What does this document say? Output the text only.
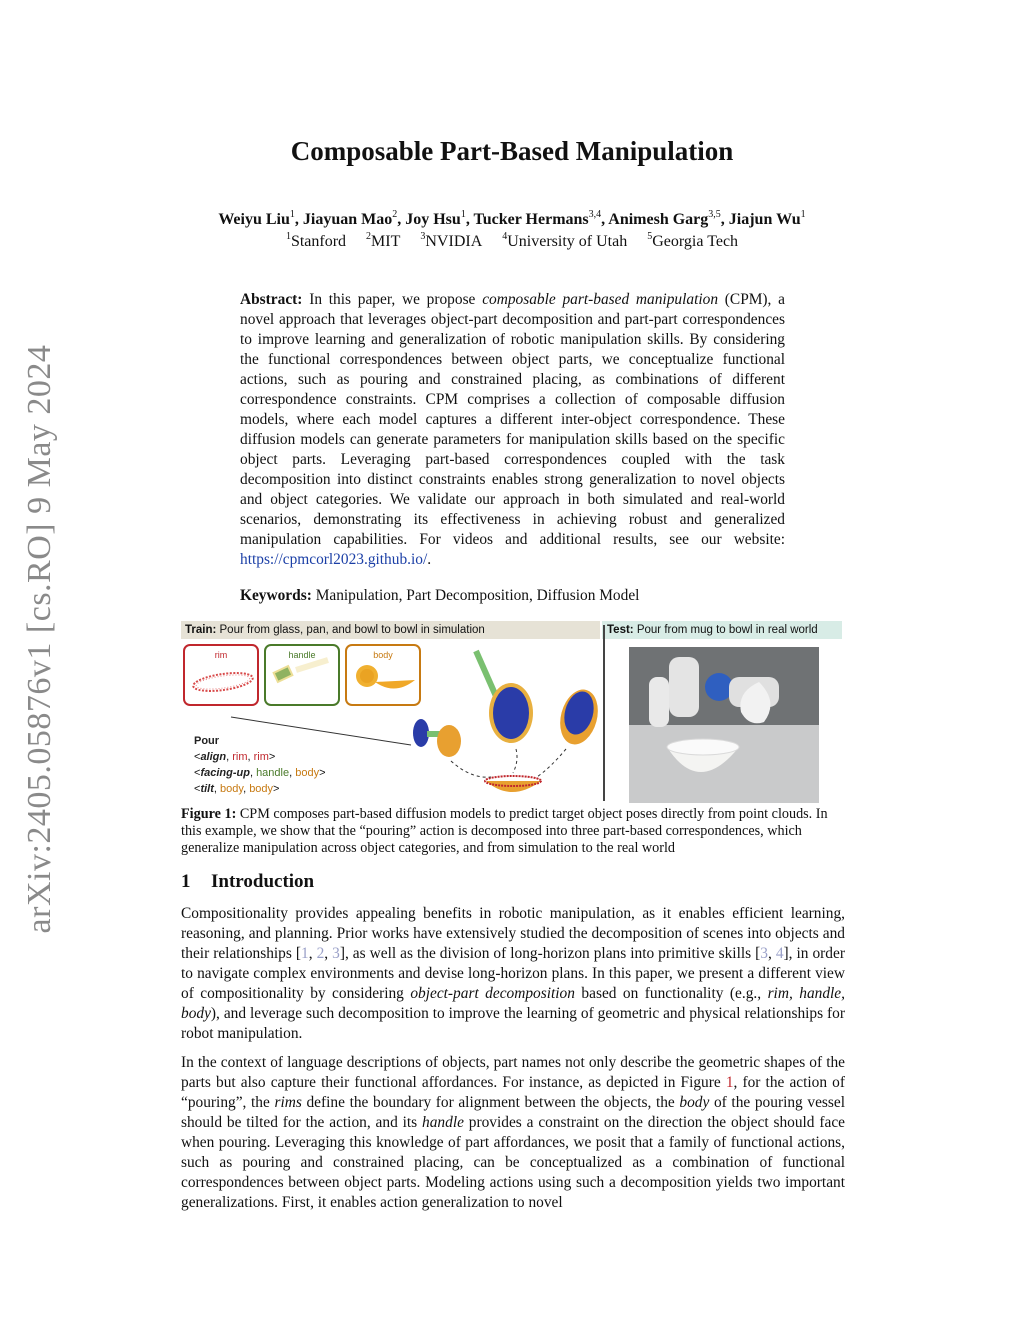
arXiv:2405.05876v1 [cs.RO] 9 May 2024
Composable Part-Based Manipulation
Weiyu Liu$^1$, Jiayuan Mao$^2$, Joy Hsu$^1$, Tucker Hermans$^{3,4}$, Animesh Garg$^{3,5}$, Jiajun Wu$^1$
$^1$Stanford $^2$MIT $^3$NVIDIA $^4$University of Utah $^5$Georgia Tech
Abstract: In this paper, we propose composable part-based manipulation (CPM), a novel approach that leverages object-part decomposition and part-part correspondences to improve learning and generalization of robotic manipulation skills. By considering the functional correspondences between object parts, we conceptualize functional actions, such as pouring and constrained placing, as combinations of different correspondence constraints. CPM comprises a collection of composable diffusion models, where each model captures a different inter-object correspondence. These diffusion models can generate parameters for manipulation skills based on the specific object parts. Leveraging part-based correspondences coupled with the task decomposition into distinct constraints enables strong generalization to novel objects and object categories. We validate our approach in both simulated and real-world scenarios, demonstrating its effectiveness in achieving robust and generalized manipulation capabilities. For videos and additional results, see our website: https://cpmcorl2023.github.io/.
Keywords: Manipulation, Part Decomposition, Diffusion Model
Train: Pour from glass, pan, and bowl to bowl in simulation	Test: Pour from mug to bowl in real world
rim	handle	body
Pour
<align, rim, rim>
<facing-up, handle, body>
<tilt, body, body>
Figure 1: CPM composes part-based diffusion models to predict target object poses directly from point clouds. In this example, we show that the “pouring” action is decomposed into three part-based correspondences, which generalize manipulation across object categories, and from simulation to the real world
1 Introduction
Compositionality provides appealing benefits in robotic manipulation, as it enables efficient learning, reasoning, and planning. Prior works have extensively studied the decomposition of scenes into objects and their relationships [1, 2, 3], as well as the division of long-horizon plans into primitive skills [3, 4], in order to navigate complex environments and devise long-horizon plans. In this paper, we present a different view of compositionality by considering object-part decomposition based on functionality (e.g., rim, handle, body), and leverage such decomposition to improve the learning of geometric and physical relationships for robot manipulation.
In the context of language descriptions of objects, part names not only describe the geometric shapes of the parts but also capture their functional affordances. For instance, as depicted in Figure 1, for the action of “pouring”, the rims define the boundary for alignment between the objects, the body of the pouring vessel should be tilted for the action, and its handle provides a constraint on the direction the object should face when pouring. Leveraging this knowledge of part affordances, we posit that a family of functional actions, such as pouring and constrained placing, can be conceptualized as a combination of functional correspondences between object parts. Modeling actions using such a decomposition yields two important generalizations. First, it enables action generalization to novel
